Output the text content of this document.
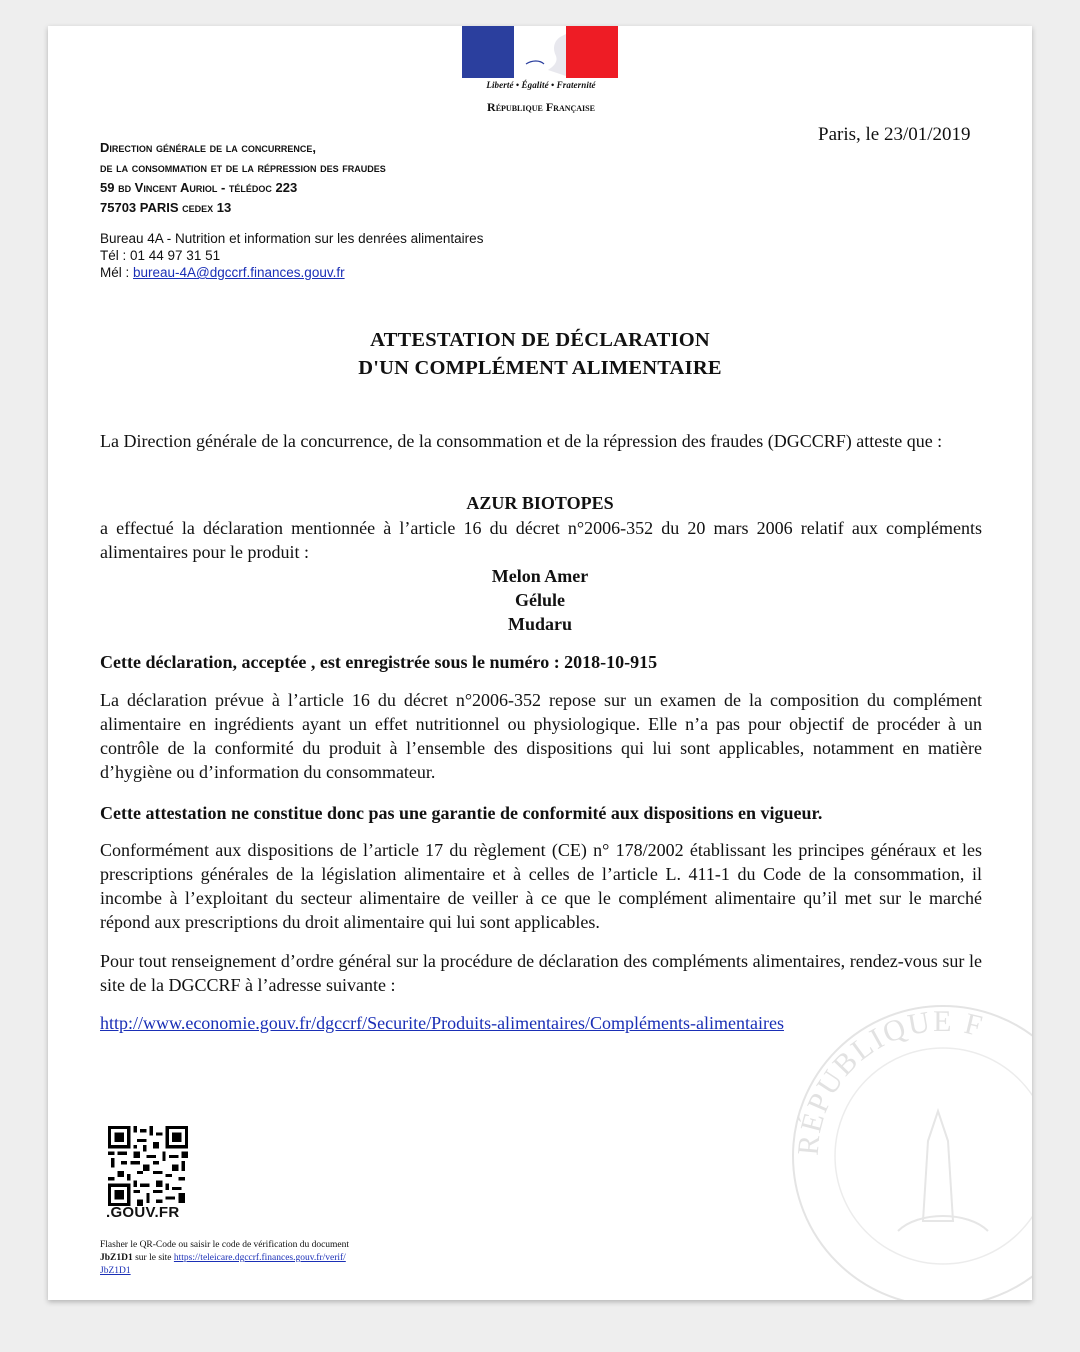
Liberté • Égalité • Fraternité
République Française
Direction générale de la concurrence,
de la consommation et de la répression des fraudes
59 bd Vincent Auriol - télédoc 223
75703 PARIS cedex 13
Paris, le 23/01/2019
Bureau 4A - Nutrition et information sur les denrées alimentaires
Tél : 01 44 97 31 51
Mél : bureau-4A@dgccrf.finances.gouv.fr
ATTESTATION DE DÉCLARATION
D'UN COMPLÉMENT ALIMENTAIRE
La Direction générale de la concurrence, de la consommation et de la répression des fraudes (DGCCRF) atteste que :
AZUR BIOTOPES
a effectué la déclaration mentionnée à l’article 16 du décret n°2006-352 du 20 mars 2006 relatif aux compléments alimentaires pour le produit :
Melon Amer
Gélule
Mudaru
Cette déclaration, acceptée , est enregistrée sous le numéro : 2018-10-915
La déclaration prévue à l’article 16 du décret n°2006-352 repose sur un examen de la composition du complément alimentaire en ingrédients ayant un effet nutritionnel ou physiologique. Elle n’a pas pour objectif de procéder à un contrôle de la conformité du produit à l’ensemble des dispositions qui lui sont applicables, notamment en matière d’hygiène ou d’information du consommateur.
Cette attestation ne constitue donc pas une garantie de conformité aux dispositions en vigueur.
Conformément aux dispositions de l’article 17 du règlement (CE) n° 178/2002 établissant les principes généraux et les prescriptions générales de la législation alimentaire et à celles de l’article L. 411-1 du Code de la consommation, il incombe à l’exploitant du secteur alimentaire de veiller à ce que le complément alimentaire qu’il met sur le marché répond aux prescriptions du droit alimentaire qui lui sont applicables.
Pour tout renseignement d’ordre général sur la procédure de déclaration des compléments alimentaires, rendez-vous sur le site de la DGCCRF à l’adresse suivante :
http://www.economie.gouv.fr/dgccrf/Securite/Produits-alimentaires/Compléments-alimentaires
RÉPUBLIQUE F
.GOUV.FR
Flasher le QR-Code ou saisir le code de vérification du document
JbZ1D1 sur le site https://teleicare.dgccrf.finances.gouv.fr/verif/
JbZ1D1
